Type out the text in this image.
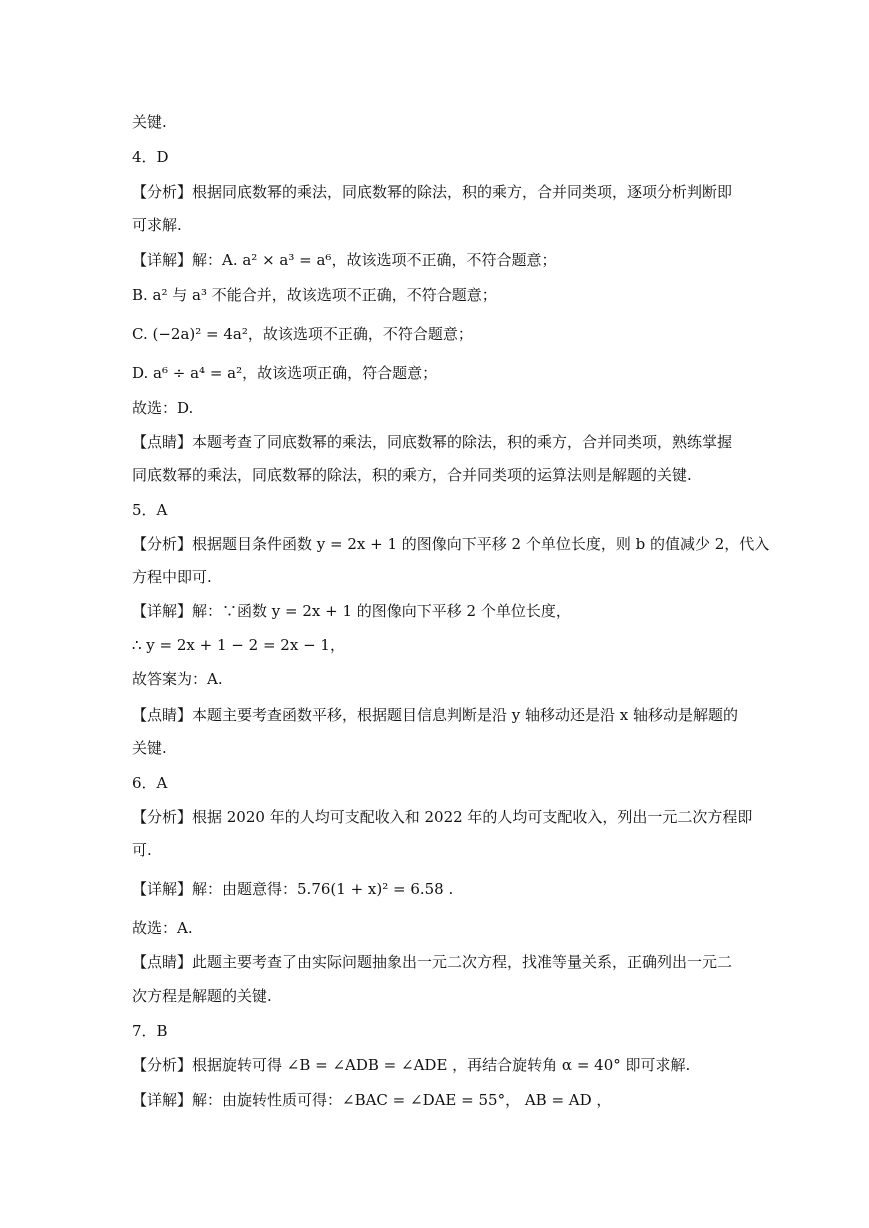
关键.
4．D
【分析】根据同底数幂的乘法，同底数幂的除法，积的乘方，合并同类项，逐项分析判断即
可求解.
【详解】解：A. a² × a³ = a⁶，故该选项不正确，不符合题意；
B. a² 与 a³ 不能合并，故该选项不正确，不符合题意；
C. (−2a)² = 4a²，故该选项不正确，不符合题意；
D. a⁶ ÷ a⁴ = a²，故该选项正确，符合题意；
故选：D.
【点睛】本题考查了同底数幂的乘法，同底数幂的除法，积的乘方，合并同类项，熟练掌握
同底数幂的乘法，同底数幂的除法，积的乘方，合并同类项的运算法则是解题的关键.
5．A
【分析】根据题目条件函数 y = 2x + 1 的图像向下平移 2 个单位长度，则 b 的值减少 2，代入
方程中即可.
【详解】解：∵函数 y = 2x + 1 的图像向下平移 2 个单位长度，
∴ y = 2x + 1 − 2 = 2x − 1，
故答案为：A.
【点睛】本题主要考查函数平移，根据题目信息判断是沿 y 轴移动还是沿 x 轴移动是解题的
关键.
6．A
【分析】根据 2020 年的人均可支配收入和 2022 年的人均可支配收入，列出一元二次方程即
可.
【详解】解：由题意得：5.76(1 + x)² = 6.58 .
故选：A.
【点睛】此题主要考查了由实际问题抽象出一元二次方程，找准等量关系，正确列出一元二
次方程是解题的关键.
7．B
【分析】根据旋转可得 ∠B = ∠ADB = ∠ADE ，再结合旋转角 α = 40° 即可求解.
【详解】解：由旋转性质可得：∠BAC = ∠DAE = 55°， AB = AD ，
